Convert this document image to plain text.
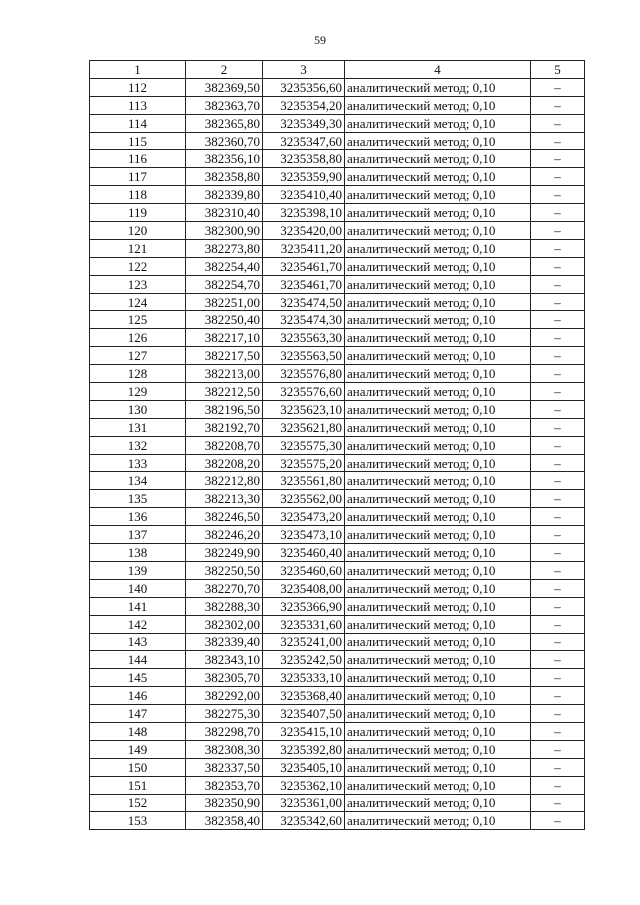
59
1	2	3	4	5
112	382369,50	3235356,60	аналитический метод; 0,10	–
113	382363,70	3235354,20	аналитический метод; 0,10	–
114	382365,80	3235349,30	аналитический метод; 0,10	–
115	382360,70	3235347,60	аналитический метод; 0,10	–
116	382356,10	3235358,80	аналитический метод; 0,10	–
117	382358,80	3235359,90	аналитический метод; 0,10	–
118	382339,80	3235410,40	аналитический метод; 0,10	–
119	382310,40	3235398,10	аналитический метод; 0,10	–
120	382300,90	3235420,00	аналитический метод; 0,10	–
121	382273,80	3235411,20	аналитический метод; 0,10	–
122	382254,40	3235461,70	аналитический метод; 0,10	–
123	382254,70	3235461,70	аналитический метод; 0,10	–
124	382251,00	3235474,50	аналитический метод; 0,10	–
125	382250,40	3235474,30	аналитический метод; 0,10	–
126	382217,10	3235563,30	аналитический метод; 0,10	–
127	382217,50	3235563,50	аналитический метод; 0,10	–
128	382213,00	3235576,80	аналитический метод; 0,10	–
129	382212,50	3235576,60	аналитический метод; 0,10	–
130	382196,50	3235623,10	аналитический метод; 0,10	–
131	382192,70	3235621,80	аналитический метод; 0,10	–
132	382208,70	3235575,30	аналитический метод; 0,10	–
133	382208,20	3235575,20	аналитический метод; 0,10	–
134	382212,80	3235561,80	аналитический метод; 0,10	–
135	382213,30	3235562,00	аналитический метод; 0,10	–
136	382246,50	3235473,20	аналитический метод; 0,10	–
137	382246,20	3235473,10	аналитический метод; 0,10	–
138	382249,90	3235460,40	аналитический метод; 0,10	–
139	382250,50	3235460,60	аналитический метод; 0,10	–
140	382270,70	3235408,00	аналитический метод; 0,10	–
141	382288,30	3235366,90	аналитический метод; 0,10	–
142	382302,00	3235331,60	аналитический метод; 0,10	–
143	382339,40	3235241,00	аналитический метод; 0,10	–
144	382343,10	3235242,50	аналитический метод; 0,10	–
145	382305,70	3235333,10	аналитический метод; 0,10	–
146	382292,00	3235368,40	аналитический метод; 0,10	–
147	382275,30	3235407,50	аналитический метод; 0,10	–
148	382298,70	3235415,10	аналитический метод; 0,10	–
149	382308,30	3235392,80	аналитический метод; 0,10	–
150	382337,50	3235405,10	аналитический метод; 0,10	–
151	382353,70	3235362,10	аналитический метод; 0,10	–
152	382350,90	3235361,00	аналитический метод; 0,10	–
153	382358,40	3235342,60	аналитический метод; 0,10	–
